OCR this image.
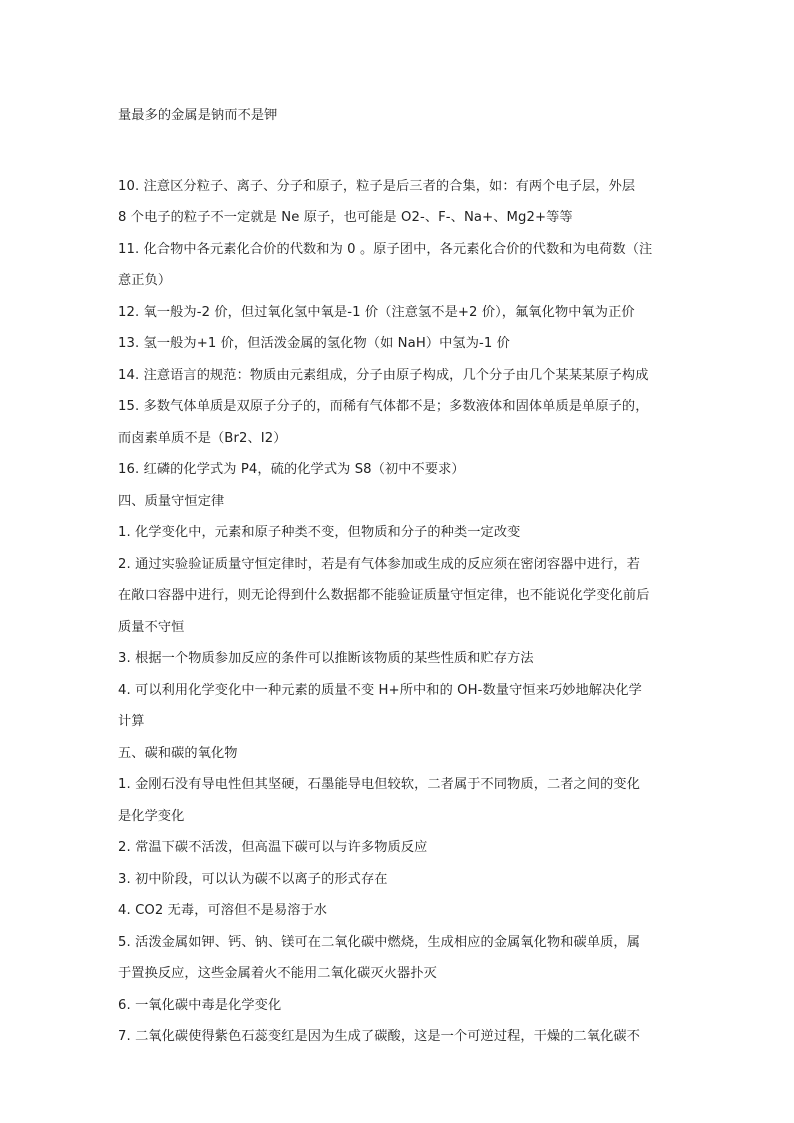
量最多的金属是钠而不是钾
10. 注意区分粒子、离子、分子和原子，粒子是后三者的合集，如：有两个电子层，外层
8 个电子的粒子不一定就是 Ne 原子，也可能是 O2-、F-、Na+、Mg2+等等
11. 化合物中各元素化合价的代数和为 0 。原子团中，各元素化合价的代数和为电荷数（注
意正负）
12. 氧一般为-2 价，但过氧化氢中氧是-1 价（注意氢不是+2 价），氟氧化物中氧为正价
13. 氢一般为+1 价，但活泼金属的氢化物（如 NaH）中氢为-1 价
14. 注意语言的规范：物质由元素组成，分子由原子构成，几个分子由几个某某某原子构成
15. 多数气体单质是双原子分子的，而稀有气体都不是；多数液体和固体单质是单原子的，
而卤素单质不是（Br2、I2）
16. 红磷的化学式为 P4，硫的化学式为 S8（初中不要求）
四、质量守恒定律
1. 化学变化中，元素和原子种类不变，但物质和分子的种类一定改变
2. 通过实验验证质量守恒定律时，若是有气体参加或生成的反应须在密闭容器中进行，若
在敞口容器中进行，则无论得到什么数据都不能验证质量守恒定律，也不能说化学变化前后
质量不守恒
3. 根据一个物质参加反应的条件可以推断该物质的某些性质和贮存方法
4. 可以利用化学变化中一种元素的质量不变 H+所中和的 OH-数量守恒来巧妙地解决化学
计算
五、碳和碳的氧化物
1. 金刚石没有导电性但其坚硬，石墨能导电但较软，二者属于不同物质，二者之间的变化
是化学变化
2. 常温下碳不活泼，但高温下碳可以与许多物质反应
3. 初中阶段，可以认为碳不以离子的形式存在
4. CO2 无毒，可溶但不是易溶于水
5. 活泼金属如钾、钙、钠、镁可在二氧化碳中燃烧，生成相应的金属氧化物和碳单质，属
于置换反应，这些金属着火不能用二氧化碳灭火器扑灭
6. 一氧化碳中毒是化学变化
7. 二氧化碳使得紫色石蕊变红是因为生成了碳酸，这是一个可逆过程，干燥的二氧化碳不
